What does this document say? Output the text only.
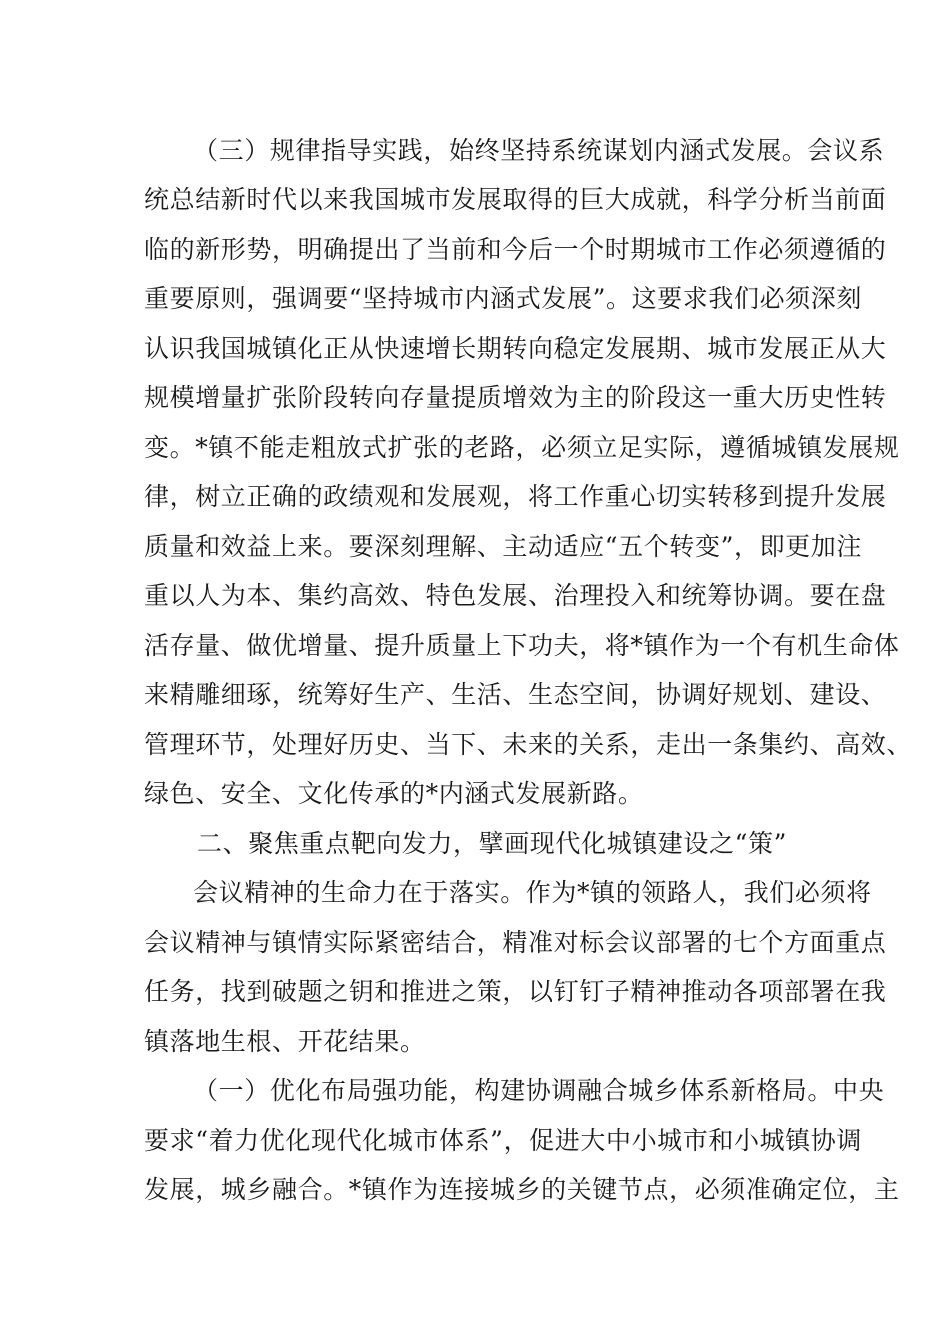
（三）规律指导实践，始终坚持系统谋划内涵式发展。会议系
统总结新时代以来我国城市发展取得的巨大成就，科学分析当前面
临的新形势，明确提出了当前和今后一个时期城市工作必须遵循的
重要原则，强调要“坚持城市内涵式发展”。这要求我们必须深刻
认识我国城镇化正从快速增长期转向稳定发展期、城市发展正从大
规模增量扩张阶段转向存量提质增效为主的阶段这一重大历史性转
变。*镇不能走粗放式扩张的老路，必须立足实际，遵循城镇发展规
律，树立正确的政绩观和发展观，将工作重心切实转移到提升发展
质量和效益上来。要深刻理解、主动适应“五个转变”，即更加注
重以人为本、集约高效、特色发展、治理投入和统筹协调。要在盘
活存量、做优增量、提升质量上下功夫，将*镇作为一个有机生命体
来精雕细琢，统筹好生产、生活、生态空间，协调好规划、建设、
管理环节，处理好历史、当下、未来的关系，走出一条集约、高效、
绿色、安全、文化传承的*内涵式发展新路。
二、聚焦重点靶向发力，擘画现代化城镇建设之“策”
会议精神的生命力在于落实。作为*镇的领路人，我们必须将
会议精神与镇情实际紧密结合，精准对标会议部署的七个方面重点
任务，找到破题之钥和推进之策，以钉钉子精神推动各项部署在我
镇落地生根、开花结果。
（一）优化布局强功能，构建协调融合城乡体系新格局。中央
要求“着力优化现代化城市体系”，促进大中小城市和小城镇协调
发展，城乡融合。*镇作为连接城乡的关键节点，必须准确定位，主
